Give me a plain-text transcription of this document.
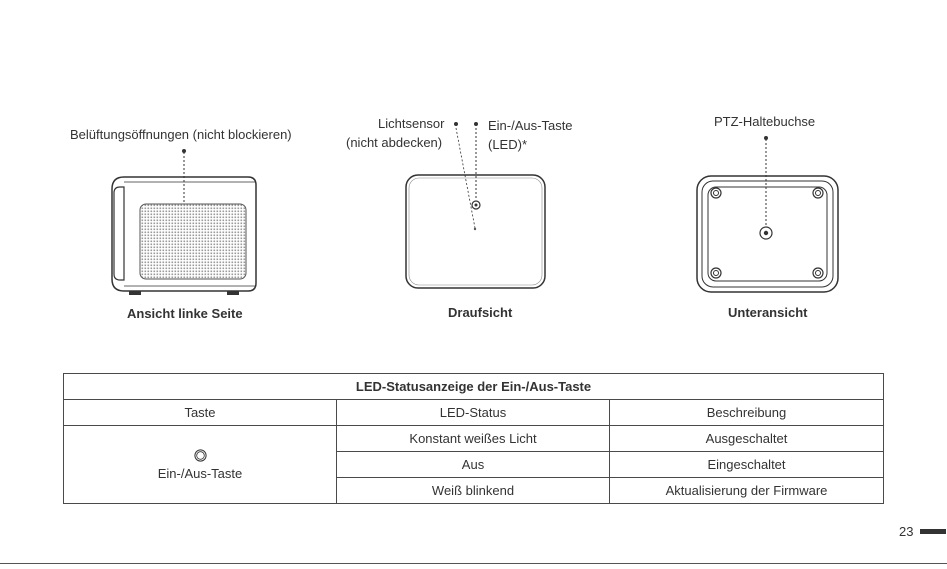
Belüftungsöffnungen (nicht blockieren)
Ansicht linke Seite
Lichtsensor
(nicht abdecken)
Ein-/Aus-Taste
(LED)*
Draufsicht
PTZ-Haltebuchse
Unteransicht
LED-Statusanzeige der Ein-/Aus-Taste		
Taste	LED-Status	Beschreibung

Ein-/Aus-Taste	Konstant weißes Licht	Ausgeschaltet
	Aus	Eingeschaltet
	Weiß blinkend	Aktualisierung der Firmware
23
